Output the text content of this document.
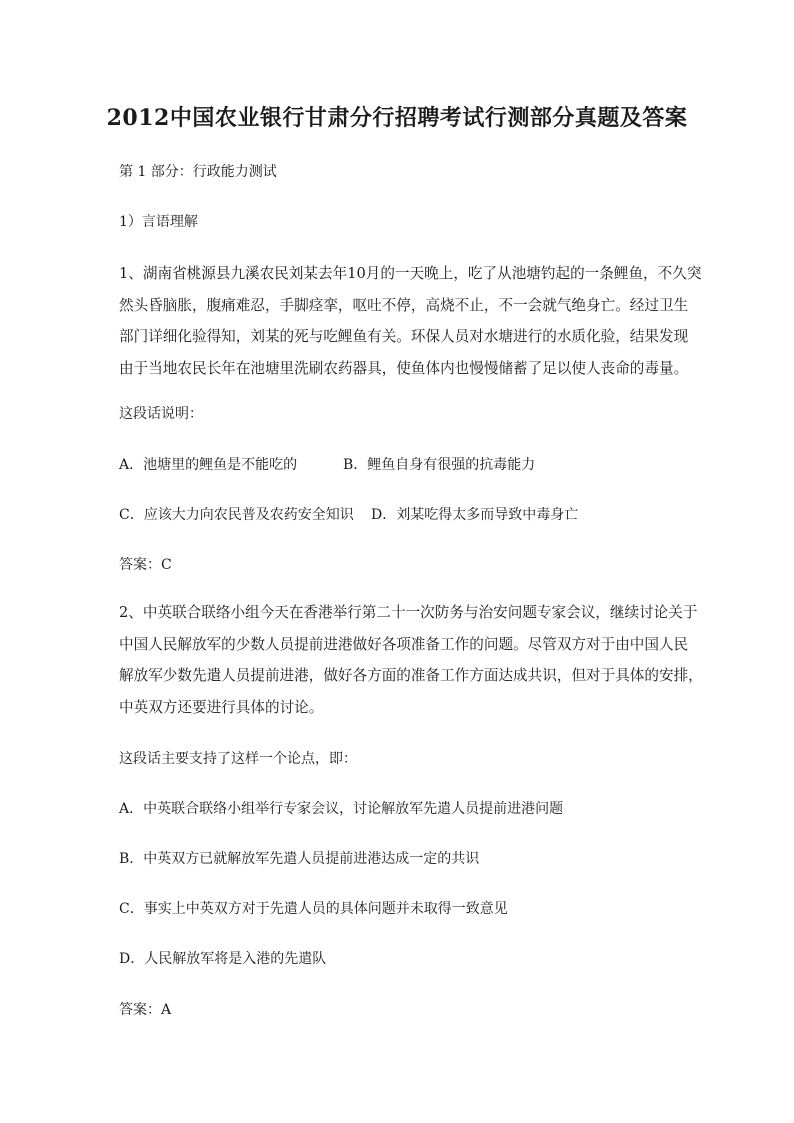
2012中国农业银行甘肃分行招聘考试行测部分真题及答案
第 1 部分：行政能力测试
1）言语理解
1、湖南省桃源县九溪农民刘某去年10月的一天晚上，吃了从池塘钓起的一条鲤鱼，不久突
然头昏脑胀，腹痛难忍，手脚痉挛，呕吐不停，高烧不止，不一会就气绝身亡。经过卫生
部门详细化验得知，刘某的死与吃鲤鱼有关。环保人员对水塘进行的水质化验，结果发现
由于当地农民长年在池塘里洗刷农药器具，使鱼体内也慢慢储蓄了足以使人丧命的毒量。
这段话说明：
A．池塘里的鲤鱼是不能吃的	B．鲤鱼自身有很强的抗毒能力
C．应该大力向农民普及农药安全知识 D．刘某吃得太多而导致中毒身亡
答案：C
2、中英联合联络小组今天在香港举行第二十一次防务与治安问题专家会议，继续讨论关于
中国人民解放军的少数人员提前进港做好各项准备工作的问题。尽管双方对于由中国人民
解放军少数先遣人员提前进港，做好各方面的准备工作方面达成共识，但对于具体的安排，
中英双方还要进行具体的讨论。
这段话主要支持了这样一个论点，即：
A．中英联合联络小组举行专家会议，讨论解放军先遣人员提前进港问题
B．中英双方已就解放军先遣人员提前进港达成一定的共识
C．事实上中英双方对于先遣人员的具体问题并未取得一致意见
D．人民解放军将是入港的先遣队
答案：A
